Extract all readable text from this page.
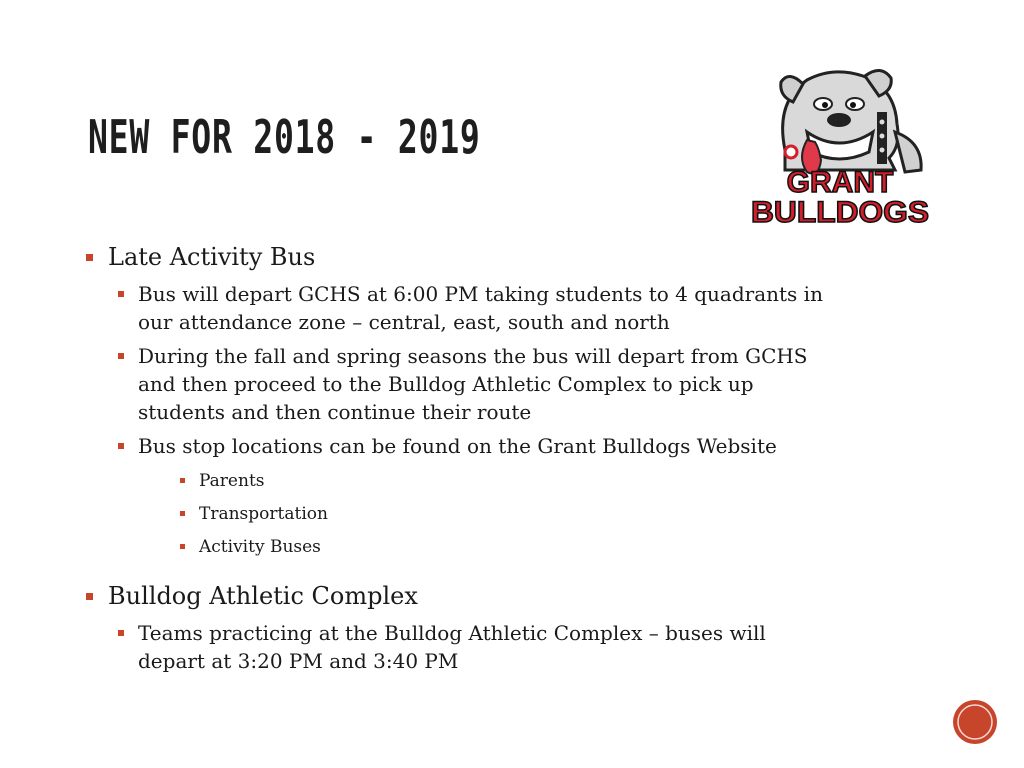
NEW FOR 2018 - 2019
GRANT
BULLDOGS
Late Activity Bus
Bus will depart GCHS at 6:00 PM taking students to 4 quadrants in
our attendance zone – central, east, south and north
During the fall and spring seasons the bus will depart from GCHS
and then proceed to the Bulldog Athletic Complex to pick up
students and then continue their route
Bus stop locations can be found on the Grant Bulldogs Website
Parents
Transportation
Activity Buses
Bulldog Athletic Complex
Teams practicing at the Bulldog Athletic Complex – buses will
depart at 3:20 PM and 3:40 PM
